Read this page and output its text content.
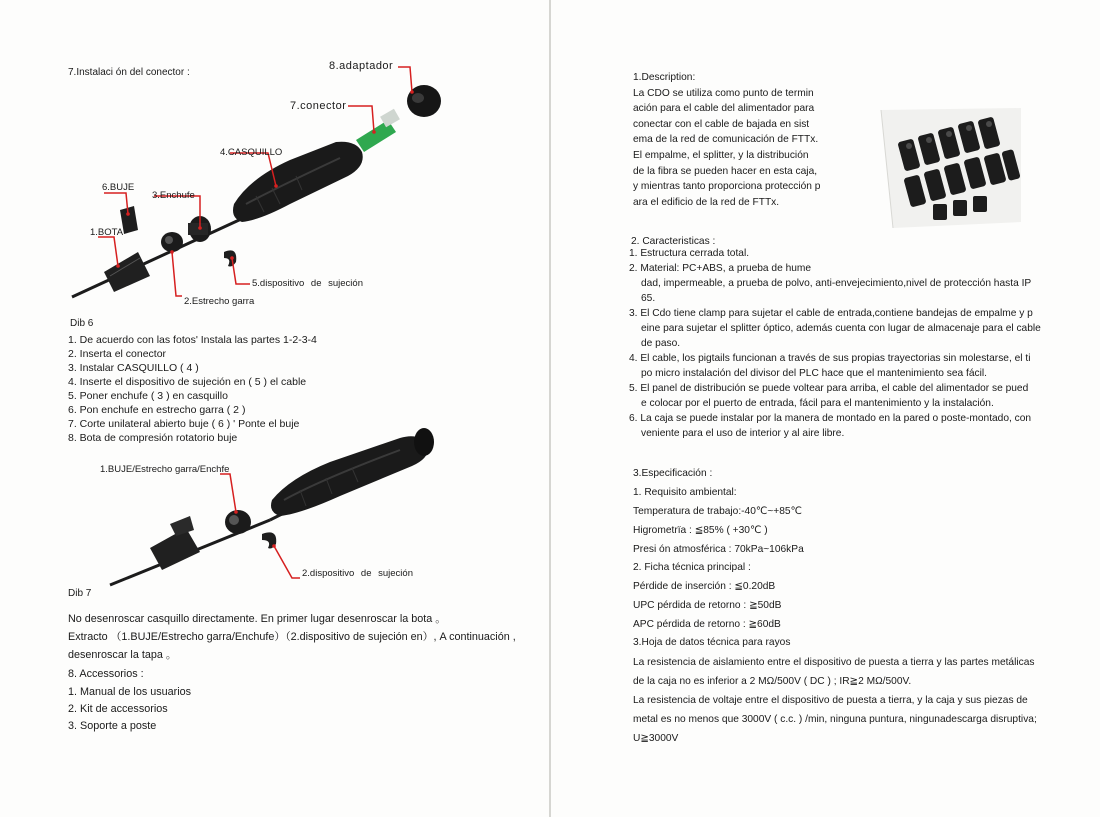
7.Instalaci ón del conector :
8.adaptador
7.conector
4.CASQUILLO
6.BUJE
3.Enchufe
1.BOTA
5.dispositivo de sujeción
2.Estrecho garra
Dib 6
1. De acuerdo con las fotos' Instala las partes 1-2-3-4
2. Inserta el conector
3. Instalar CASQUILLO ( 4 )
4. Inserte el dispositivo de sujeción en ( 5 ) el cable
5. Poner enchufe ( 3 ) en casquillo
6. Pon enchufe en estrecho garra ( 2 )
7. Corte unilateral abierto buje ( 6 ) ' Ponte el buje
8. Bota de compresión rotatorio buje
1.BUJE/Estrecho garra/Enchfe
2.dispositivo de sujeción
Dib 7
No desenroscar casquillo directamente. En primer lugar desenroscar la bota 。
Extracto （1.BUJE/Estrecho garra/Enchufe）（2.dispositivo de sujeción en）, A continuación ,
desenroscar la tapa 。
8. Accessorios :
1. Manual de los usuarios
2. Kit de accessorios
3. Soporte a poste
1.Description:
La CDO se utiliza como punto de termin
ación para el cable del alimentador para
conectar con el cable de bajada en sist
ema de la red de comunicación de FTTx.
El empalme, el splitter, y la distribución
de la fibra se pueden hacer en esta caja,
y mientras tanto proporciona protección p
ara el edificio de la red de FTTx.
2. Caracteristicas :
1. Estructura cerrada total.
2. Material: PC+ABS, a prueba de hume
dad, impermeable, a prueba de polvo, anti-envejecimiento,nivel de protección hasta IP
65.
3. El Cdo tiene clamp para sujetar el cable de entrada,contiene bandejas de empalme y p
eine para sujetar el splitter óptico, además cuenta con lugar de almacenaje para el cable
de paso.
4. El cable, los pigtails funcionan a través de sus propias trayectorias sin molestarse, el ti
po micro instalación del divisor del PLC hace que el mantenimiento sea fácil.
5. El panel de distribución se puede voltear para arriba, el cable del alimentador se pued
e colocar por el puerto de entrada, fácil para el mantenimiento y la instalación.
6. La caja se puede instalar por la manera de montado en la pared o poste-montado, con
veniente para el uso de interior y al aire libre.
3.Especificación :
1. Requisito ambiental:
Temperatura de trabajo:-40℃~+85℃
Higrometrïa : ≦85% ( +30℃ )
Presi ón atmosférica : 70kPa~106kPa
2. Ficha técnica principal :
Pérdide de inserción : ≦0.20dB
UPC pérdida de retorno : ≧50dB
APC pérdida de retorno : ≧60dB
3.Hoja de datos técnica para rayos
La resistencia de aislamiento entre el dispositivo de puesta a tierra y las partes metálicas
de la caja no es inferior a 2 MΩ/500V ( DC ) ; IR≧2 MΩ/500V.
La resistencia de voltaje entre el dispositivo de puesta a tierra, y la caja y sus piezas de
metal es no menos que 3000V ( c.c. ) /min, ninguna puntura, ningunadescarga disruptiva;
U≧3000V
